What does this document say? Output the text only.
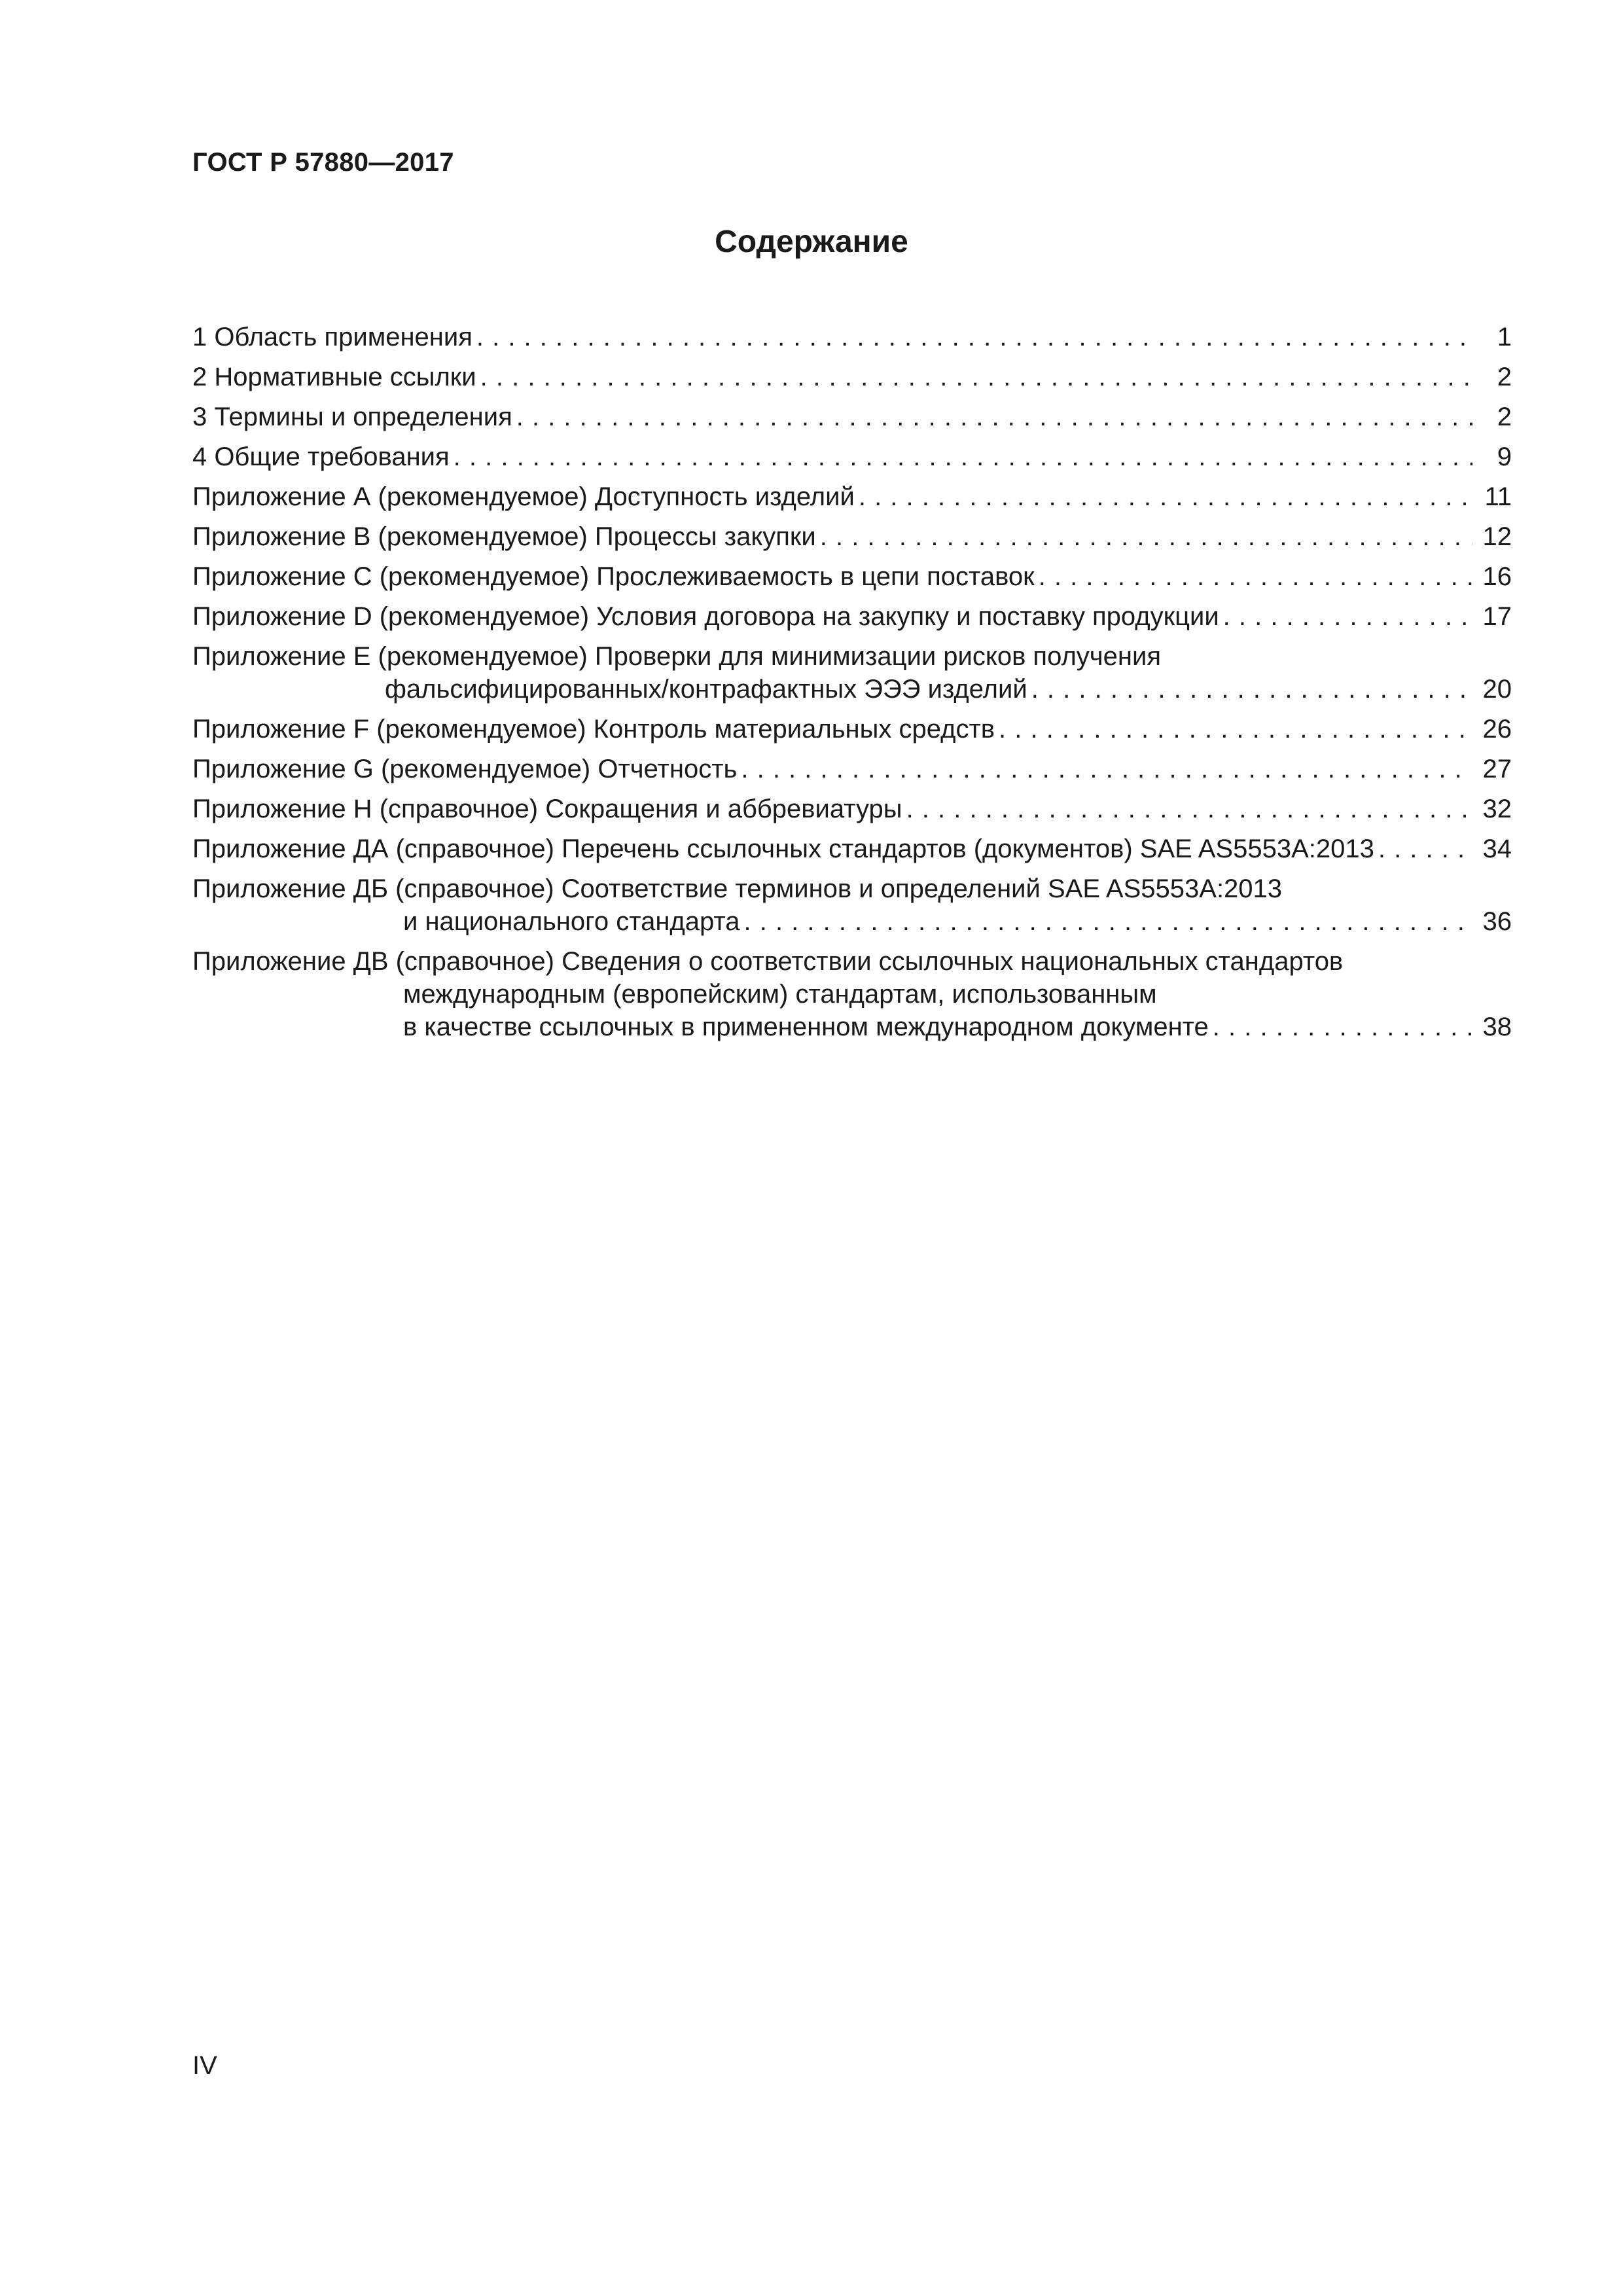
ГОСТ Р 57880—2017
Содержание
1 Область применения . . .	1
2 Нормативные ссылки . . .	2
3 Термины и определения . . .	2
4 Общие требования . . .	9
Приложение А (рекомендуемое) Доступность изделий . . .	11
Приложение В (рекомендуемое) Процессы закупки . . .	12
Приложение С (рекомендуемое) Прослеживаемость в цепи поставок . . .	16
Приложение D (рекомендуемое) Условия договора на закупку и поставку продукции . . .	17
Приложение Е (рекомендуемое) Проверки для минимизации рисков получения
фальсифицированных/контрафактных ЭЭЭ изделий . . .	20
Приложение F (рекомендуемое) Контроль материальных средств . . .	26
Приложение G (рекомендуемое) Отчетность . . .	27
Приложение Н (справочное) Сокращения и аббревиатуры . . .	32
Приложение ДА (справочное) Перечень ссылочных стандартов (документов) SAE AS5553A:2013 . . .	34
Приложение ДБ (справочное) Соответствие терминов и определений SAE AS5553A:2013
и национального стандарта . . .	36
Приложение ДВ (справочное) Сведения о соответствии ссылочных национальных стандартов
международным (европейским) стандартам, использованным
в качестве ссылочных в примененном международном документе . . .	38
IV
